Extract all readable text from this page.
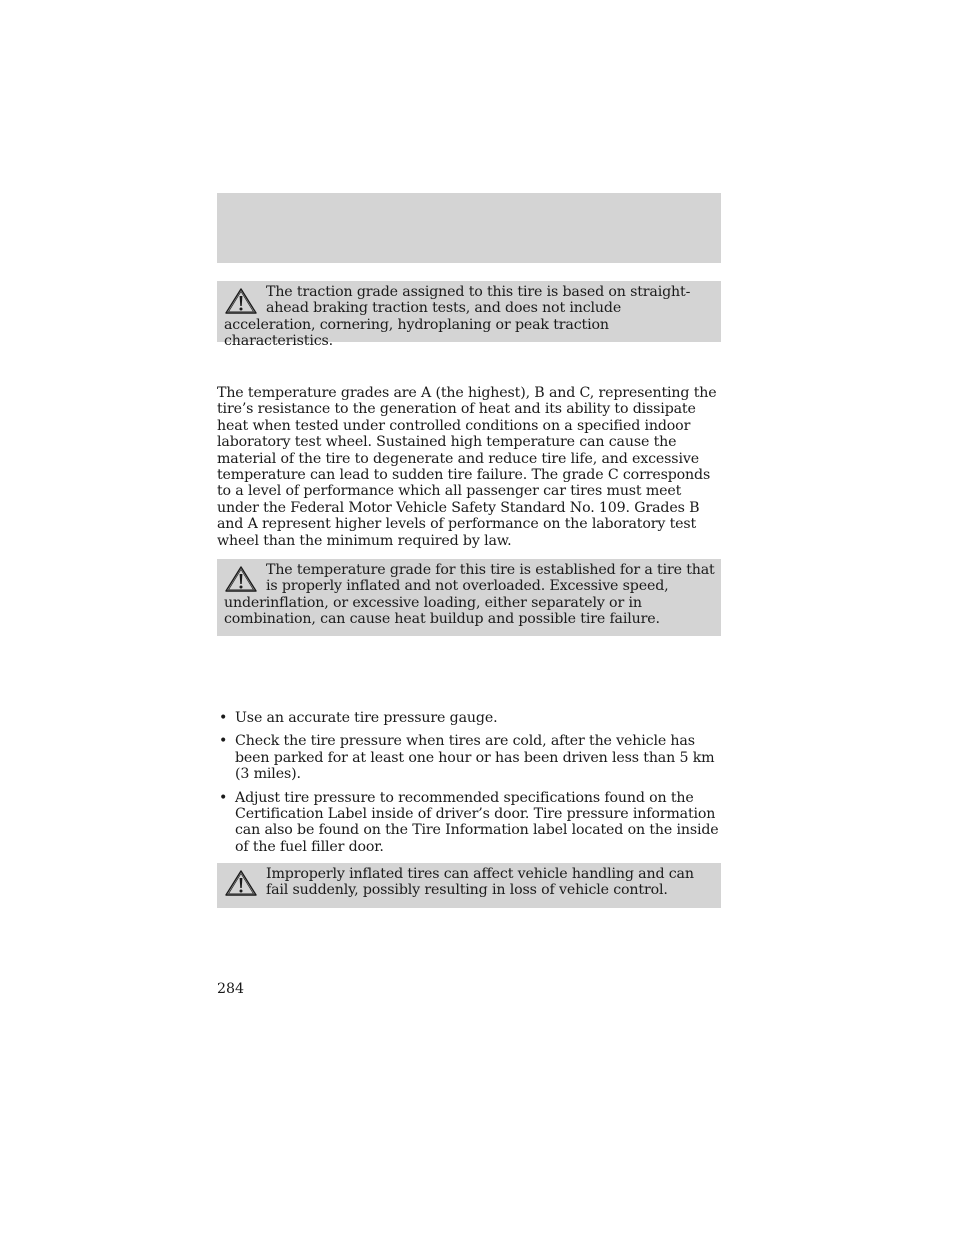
The traction grade assigned to this tire is based on straight-ahead braking traction tests, and does not include acceleration, cornering, hydroplaning or peak traction characteristics.

The temperature grades are A (the highest), B and C, representing the tire’s resistance to the generation of heat and its ability to dissipate heat when tested under controlled conditions on a specified indoor laboratory test wheel. Sustained high temperature can cause the material of the tire to degenerate and reduce tire life, and excessive temperature can lead to sudden tire failure. The grade C corresponds to a level of performance which all passenger car tires must meet under the Federal Motor Vehicle Safety Standard No. 109. Grades B and A represent higher levels of performance on the laboratory test wheel than the minimum required by law.

The temperature grade for this tire is established for a tire that is properly inflated and not overloaded. Excessive speed, underinflation, or excessive loading, either separately or in combination, can cause heat buildup and possible tire failure.

• Use an accurate tire pressure gauge.
• Check the tire pressure when tires are cold, after the vehicle has been parked for at least one hour or has been driven less than 5 km (3 miles).
• Adjust tire pressure to recommended specifications found on the Certification Label inside of driver’s door. Tire pressure information can also be found on the Tire Information label located on the inside of the fuel filler door.

Improperly inflated tires can affect vehicle handling and can fail suddenly, possibly resulting in loss of vehicle control.

284
